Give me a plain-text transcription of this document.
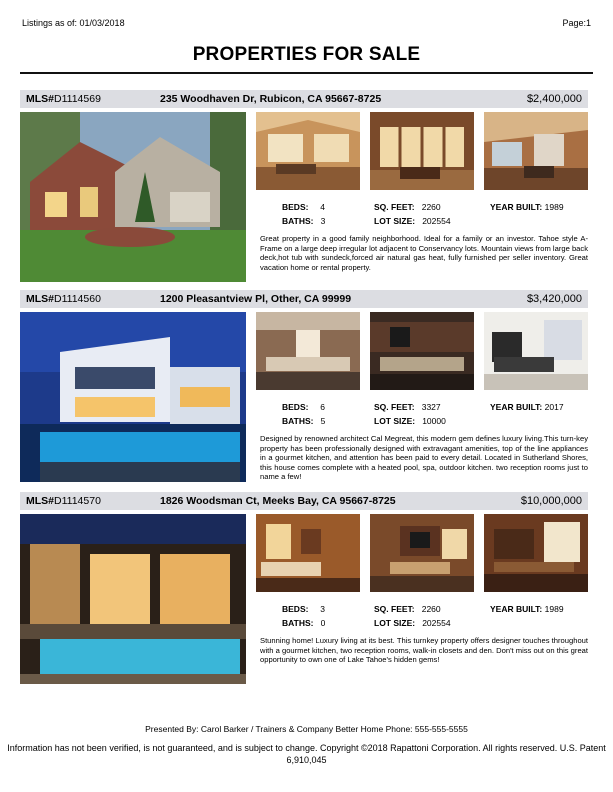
Listings as of: 01/03/2018	Page:1
PROPERTIES FOR SALE
MLS#D1114569	235 Woodhaven Dr, Rubicon, CA 95667-8725	$2,400,000
BEDS: 4
BATHS: 3
SQ. FEET: 2260
LOT SIZE: 202554
YEAR BUILT: 1989
Great property in a good family neighborhood. Ideal for a family or an investor. Tahoe style A-Frame on a large deep irregular lot adjacent to Conservancy lots. Mountain views from large back deck,hot tub with sundeck,forced air natural gas heat, fully furnished per seller inventory. Great vacation home or rental property.
MLS#D1114560	1200 Pleasantview Pl, Other, CA 99999	$3,420,000
BEDS: 6
BATHS: 5
SQ. FEET: 3327
LOT SIZE: 10000
YEAR BUILT: 2017
Designed by renowned architect Cal Megreat, this modern gem defines luxury living.This turn-key property has been professionally designed with extravagant amenities, top of the line appliances in a gourmet kitchen, and attention has been paid to every detail. Located in Sutherland Shores, this house comes complete with a heated pool, spa, outdoor kitchen. two reception rooms just to name a few!
MLS#D1114570	1826 Woodsman Ct, Meeks Bay, CA 95667-8725	$10,000,000
BEDS: 3
BATHS: 0
SQ. FEET: 2260
LOT SIZE: 202554
YEAR BUILT: 1989
Stunning home! Luxury living at its best. This turnkey property offers designer touches throughout with a gourmet kitchen, two reception rooms, walk-in closets and den. Don't miss out on this great opportunity to own one of Lake Tahoe's hidden gems!
Presented By: Carol Barker / Trainers & Company Better Home Phone: 555-555-5555
Information has not been verified, is not guaranteed, and is subject to change. Copyright ©2018 Rapattoni Corporation. All rights reserved. U.S. Patent 6,910,045
